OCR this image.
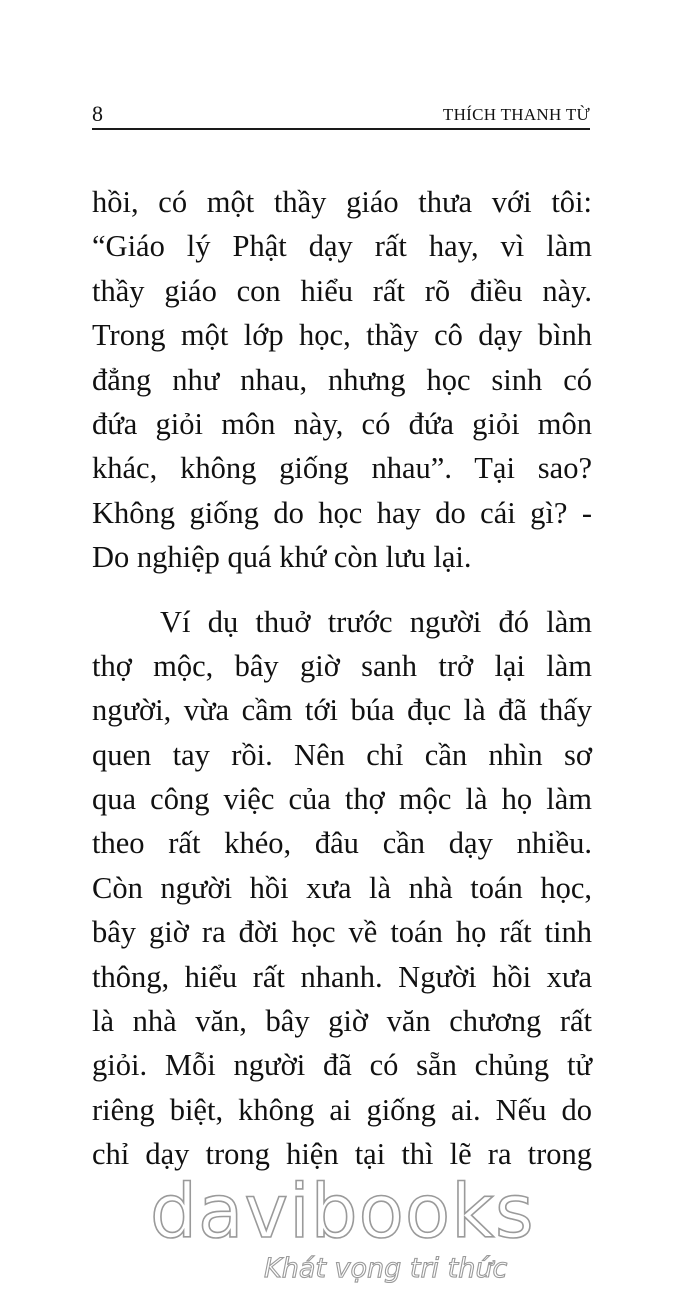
8	THÍCH THANH TỪ
hồi, có một thầy giáo thưa với tôi:
“Giáo lý Phật dạy rất hay, vì làm
thầy giáo con hiểu rất rõ điều này.
Trong một lớp học, thầy cô dạy bình
đẳng như nhau, nhưng học sinh có
đứa giỏi môn này, có đứa giỏi môn
khác, không giống nhau”. Tại sao?
Không giống do học hay do cái gì? -
Do nghiệp quá khứ còn lưu lại.
Ví dụ thuở trước người đó làm
thợ mộc, bây giờ sanh trở lại làm
người, vừa cầm tới búa đục là đã thấy
quen tay rồi. Nên chỉ cần nhìn sơ
qua công việc của thợ mộc là họ làm
theo rất khéo, đâu cần dạy nhiều.
Còn người hồi xưa là nhà toán học,
bây giờ ra đời học về toán họ rất tinh
thông, hiểu rất nhanh. Người hồi xưa
là nhà văn, bây giờ văn chương rất
giỏi. Mỗi người đã có sẵn chủng tử
riêng biệt, không ai giống ai. Nếu do
chỉ dạy trong hiện tại thì lẽ ra trong
davibooks
Khát vọng tri thức
